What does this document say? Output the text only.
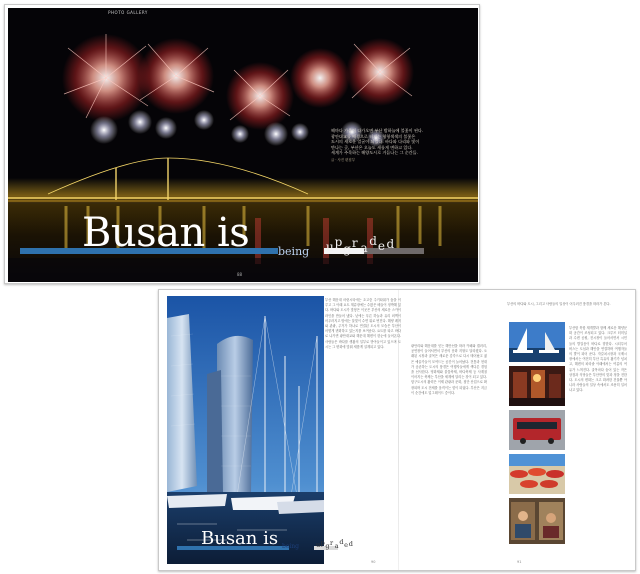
PHOTO GALLERY
해마다 가을이 다가오면 부산 밤하늘에 불꽃이 핀다.
광안대교를 배경으로 터지는 형형색색의 불꽃은
도시의 새로운 얼굴이 되었다. 바다와 다리와 빛이
만나는 곳, 부산은 오늘도 새롭게 변하고 있다.
세계가 주목하는 해양도시로 거듭나는 그 순간들.
글 · 사진 편집부
Busan is	being u p g r a d e d
88
Busan is being	u p g r a d e d
부산 해운대 마린시티에는 초고층 주거타워가 숲을 이루고 그 아래 요트 계류장에는 수많은 배들이 정박해 있다. 바다와 도시가 맞닿은 이곳은 부산의 새로운 스카이라인을 만들어 냈다. 낮에는 푸른 하늘과 유리 외벽이 어우러지고 밤에는 불빛이 수면 위로 번진다. 해양 레저와 관광, 주거가 하나로 연결된 도시의 모습은 부산이 어떻게 변화하고 있는지를 보여준다. 요트를 타고 바다로 나가면 광안대교와 해운대 해변이 한눈에 들어온다. 사람들은 바다를 생활의 일부로 받아들이고 있으며 도시는 그 변화에 맞춰 새롭게 설계되고 있다.	광안리와 해운대를 잇는 해안선을 따라 카페와 갤러리, 공연장이 들어서면서 부산의 문화 지형도 달라졌다. 오래된 시장과 골목은 새로운 감각으로 다시 태어났고 젊은 예술가들이 모여드는 공간이 늘어났다. 전통과 현대가 공존하는 도시의 풍경은 여행자들에게 색다른 경험을 선사한다. 영화제와 불꽃축제, 바다축제 등 사계절 이어지는 축제는 부산을 세계에 알리는 창이 되고 있다. 항구도시의 활력은 이제 관광과 문화, 첨단 산업으로 확장되며 도시 전체를 움직이는 힘이 되었다. 부산은 지금 이 순간에도 업그레이드 중이다.
부산의 바다와 도시, 그리고 사람들의 일상이 어우러진 풍경을 따라가 본다.
부산항 북항 재개발과 함께 새로운 해양문화 공간이 조성되고 있다. 크루즈 터미널과 수변 공원, 전시장이 들어서면서 시민들의 발걸음이 바다로 향한다. 시티투어 버스는 도심과 해안을 연결하며 여행자들의 발이 되어 준다. 자갈치시장과 국제시장에서는 여전히 부산 특유의 활기가 넘치고, 해변의 파라솔 아래에서는 여름의 여유가 느껴진다. 골목마다 숨어 있는 작은 상점과 식당들은 부산만의 맛과 정을 전한다. 도시의 변화는 크고 화려한 건물뿐 아니라 사람들의 일상 속에서도 조용히 일어나고 있다.
90	91
